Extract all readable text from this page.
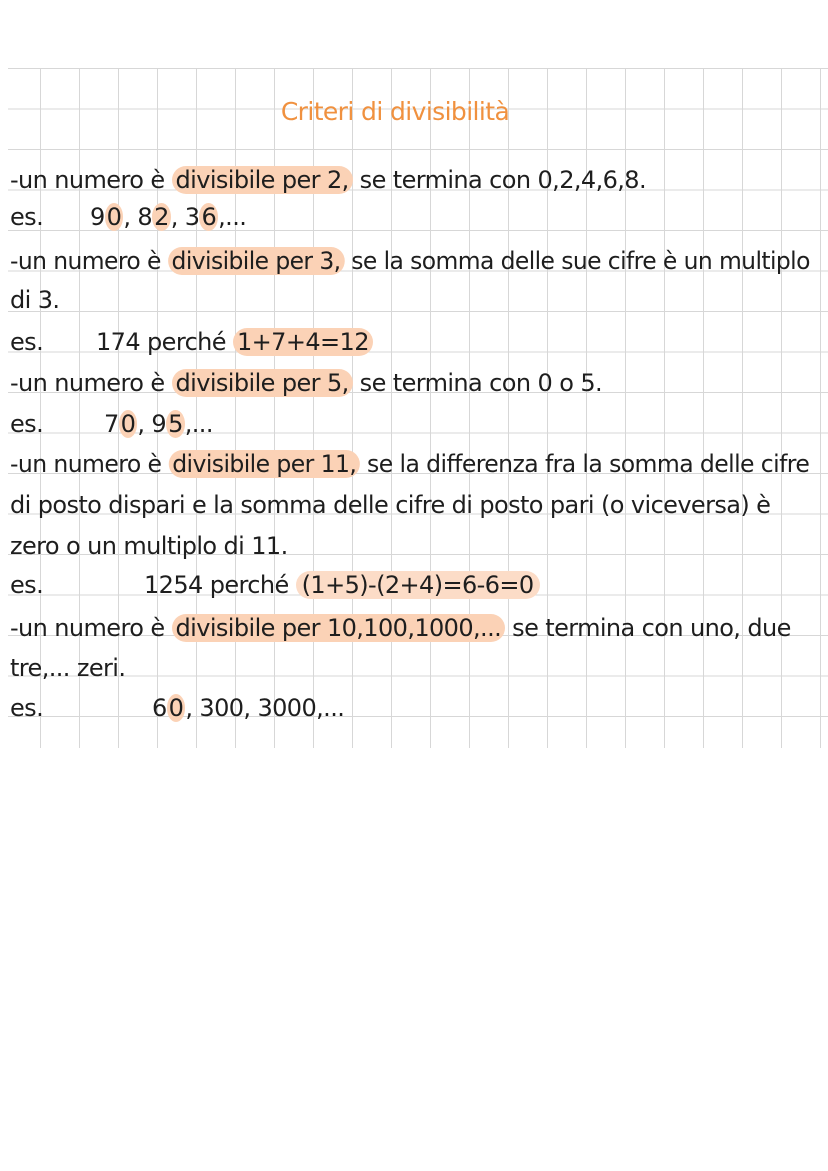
Criteri di divisibilità
-un numero è divisibile per 2, se termina con 0,2,4,6,8.
es. 90, 82, 36,...
-un numero è divisibile per 3, se la somma delle sue cifre è un multiplo
di 3.
es. 174 perché 1+7+4=12
-un numero è divisibile per 5, se termina con 0 o 5.
es.	70, 95,...
-un numero è divisibile per 11, se la differenza fra la somma delle cifre
di posto dispari e la somma delle cifre di posto pari (o viceversa) è
zero o un multiplo di 11.
es.	1254 perché (1+5)-(2+4)=6-6=0
-un numero è divisibile per 10,100,1000,... se termina con uno, due
tre,... zeri.
es.	60, 300, 3000,...
